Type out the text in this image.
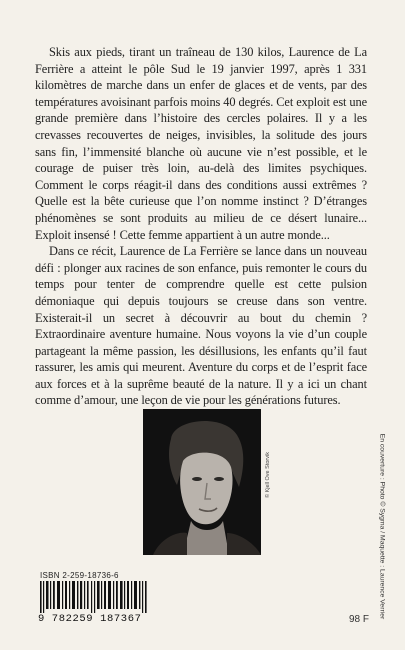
Skis aux pieds, tirant un traîneau de 130 kilos, Laurence de La Ferrière a atteint le pôle Sud le 19 janvier 1997, après 1 331 kilomètres de marche dans un enfer de glaces et de vents, par des températures avoisinant parfois moins 40 degrés. Cet exploit est une grande première dans l’histoire des cercles polaires. Il y a les crevasses recouvertes de neiges, invisibles, la solitude des jours sans fin, l’immensité blanche où aucune vie n’est possible, et le courage de puiser très loin, au-delà des limites psychiques. Comment le corps réagit-il dans des conditions aussi extrêmes ? Quelle est la bête curieuse que l’on nomme instinct ? D’étranges phénomènes se sont produits au milieu de ce désert lunaire... Exploit insensé ! Cette femme appartient à un autre monde...

Dans ce récit, Laurence de La Ferrière se lance dans un nouveau défi : plonger aux racines de son enfance, puis remonter le cours du temps pour tenter de comprendre quelle est cette pulsion démoniaque qui depuis toujours se creuse dans son ventre. Existerait-il un secret à découvrir au bout du chemin ? Extraordinaire aventure humaine. Nous voyons la vie d’un couple partageant la même passion, les désillusions, les enfants qu’il faut rassurer, les amis qui meurent. Aventure du corps et de l’esprit face aux forces et à la suprême beauté de la nature. Il y a ici un chant comme d’amour, une leçon de vie pour les générations futures.

© Kjell Ove Storvik
ISBN 2-259-18736-6
9 782259 187367	98 F
En couverture : Photo © Sygma / Maquette : Laurence Verrier
